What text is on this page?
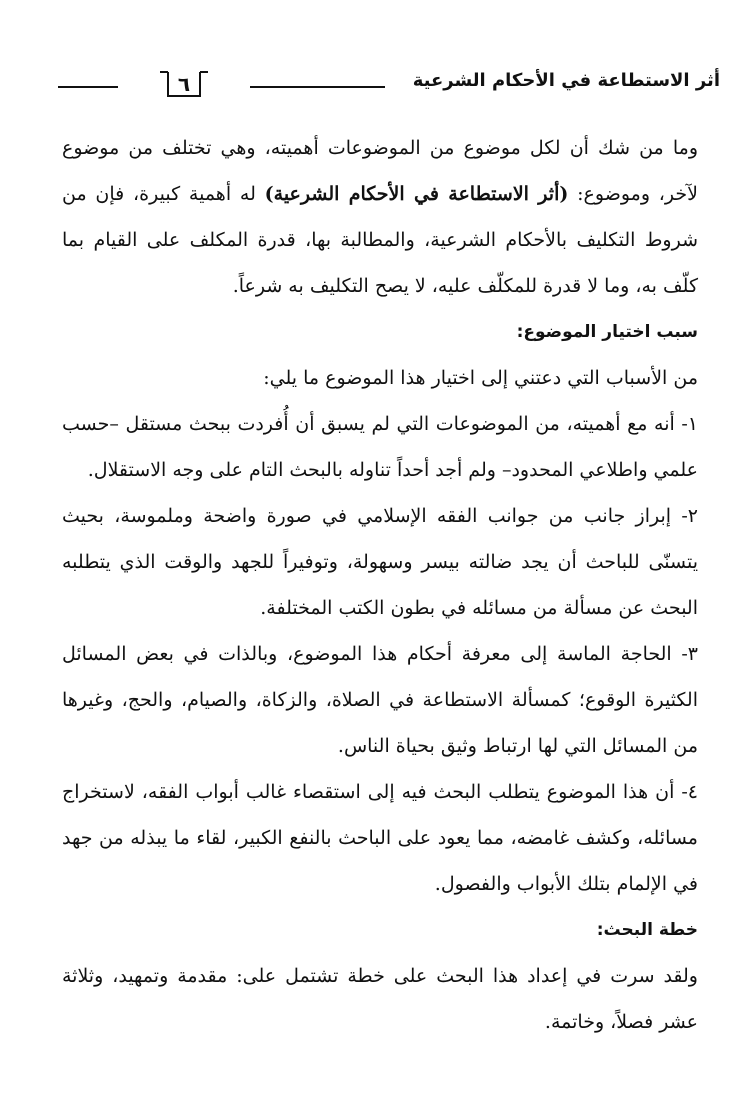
٦	أثر الاستطاعة في الأحكام الشرعية

وما من شك أن لكل موضوع من الموضوعات أهميته، وهي تختلف من موضوع لآخر، وموضوع: (أثر الاستطاعة في الأحكام الشرعية) له أهمية كبيرة، فإن من شروط التكليف بالأحكام الشرعية، والمطالبة بها، قدرة المكلف على القيام بما كلّف به، وما لا قدرة للمكلّف عليه، لا يصح التكليف به شرعاً.

سبب اختيار الموضوع:

من الأسباب التي دعتني إلى اختيار هذا الموضوع ما يلي:

١- أنه مع أهميته، من الموضوعات التي لم يسبق أن أُفردت ببحث مستقل –حسب علمي واطلاعي المحدود– ولم أجد أحداً تناوله بالبحث التام على وجه الاستقلال.

٢- إبراز جانب من جوانب الفقه الإسلامي في صورة واضحة وملموسة، بحيث يتسنّى للباحث أن يجد ضالته بيسر وسهولة، وتوفيراً للجهد والوقت الذي يتطلبه البحث عن مسألة من مسائله في بطون الكتب المختلفة.

٣- الحاجة الماسة إلى معرفة أحكام هذا الموضوع، وبالذات في بعض المسائل الكثيرة الوقوع؛ كمسألة الاستطاعة في الصلاة، والزكاة، والصيام، والحج، وغيرها من المسائل التي لها ارتباط وثيق بحياة الناس.

٤- أن هذا الموضوع يتطلب البحث فيه إلى استقصاء غالب أبواب الفقه، لاستخراج مسائله، وكشف غامضه، مما يعود على الباحث بالنفع الكبير، لقاء ما يبذله من جهد في الإلمام بتلك الأبواب والفصول.

خطة البحث:

ولقد سرت في إعداد هذا البحث على خطة تشتمل على: مقدمة وتمهيد، وثلاثة عشر فصلاً، وخاتمة.
